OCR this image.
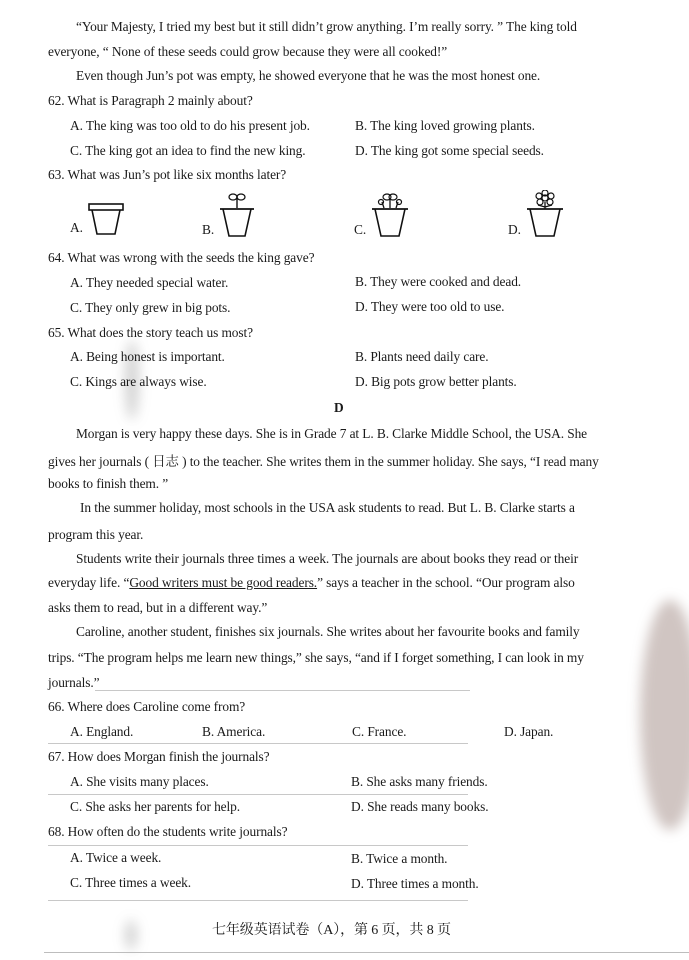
“Your Majesty, I tried my best but it still didn’t grow anything. I’m really sorry. ” The king told
everyone, “ None of these seeds could grow because they were all cooked!”
Even though Jun’s pot was empty, he showed everyone that he was the most honest one.
62. What is Paragraph 2 mainly about?
A. The king was too old to do his present job.	B. The king loved growing plants.
C. The king got an idea to find the new king.	D. The king got some special seeds.
63. What was Jun’s pot like six months later?
A.	B.	C.	D.
64. What was wrong with the seeds the king gave?
A. They needed special water.	B. They were cooked and dead.
C. They only grew in big pots.	D. They were too old to use.
65. What does the story teach us most?
A. Being honest is important.	B. Plants need daily care.
C. Kings are always wise.	D. Big pots grow better plants.
D
Morgan is very happy these days. She is in Grade 7 at L. B. Clarke Middle School, the USA. She
gives her journals ( 日志 ) to the teacher. She writes them in the summer holiday. She says, “I read many
books to finish them. ”
In the summer holiday, most schools in the USA ask students to read. But L. B. Clarke starts a
program this year.
Students write their journals three times a week. The journals are about books they read or their
everyday life. “Good writers must be good readers.” says a teacher in the school. “Our program also
asks them to read, but in a different way.”
Caroline, another student, finishes six journals. She writes about her favourite books and family
trips. “The program helps me learn new things,” she says, “and if I forget something, I can look in my
journals.”
66. Where does Caroline come from?
A. England.	B. America.	C. France.	D. Japan.
67. How does Morgan finish the journals?
A. She visits many places.	B. She asks many friends.
C. She asks her parents for help.	D. She reads many books.
68. How often do the students write journals?
A. Twice a week.	B. Twice a month.
C. Three times a week.	D. Three times a month.
七年级英语试卷（A），第 6 页，共 8 页
